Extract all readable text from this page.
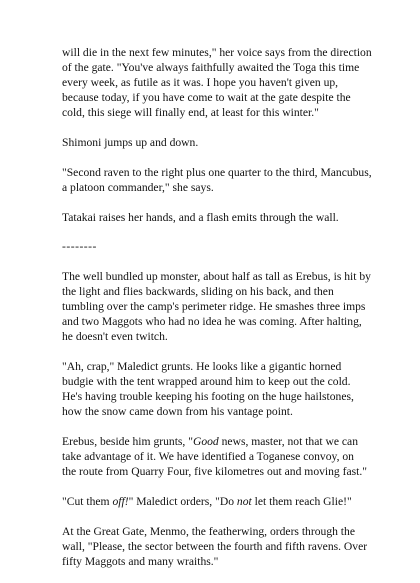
will die in the next few minutes," her voice says from the direction
of the gate. "You've always faithfully awaited the Toga this time
every week, as futile as it was. I hope you haven't given up,
because today, if you have come to wait at the gate despite the
cold, this siege will finally end, at least for this winter."

Shimoni jumps up and down.

"Second raven to the right plus one quarter to the third, Mancubus,
a platoon commander," she says.

Tatakai raises her hands, and a flash emits through the wall.

--------

The well bundled up monster, about half as tall as Erebus, is hit by
the light and flies backwards, sliding on his back, and then
tumbling over the camp's perimeter ridge. He smashes three imps
and two Maggots who had no idea he was coming. After halting,
he doesn't even twitch.

"Ah, crap," Maledict grunts. He looks like a gigantic horned
budgie with the tent wrapped around him to keep out the cold.
He's having trouble keeping his footing on the huge hailstones,
how the snow came down from his vantage point.

Erebus, beside him grunts, "Good news, master, not that we can
take advantage of it. We have identified a Toganese convoy, on
the route from Quarry Four, five kilometres out and moving fast."

"Cut them off!" Maledict orders, "Do not let them reach Glie!"

At the Great Gate, Menmo, the featherwing, orders through the
wall, "Please, the sector between the fourth and fifth ravens. Over
fifty Maggots and many wraiths."
